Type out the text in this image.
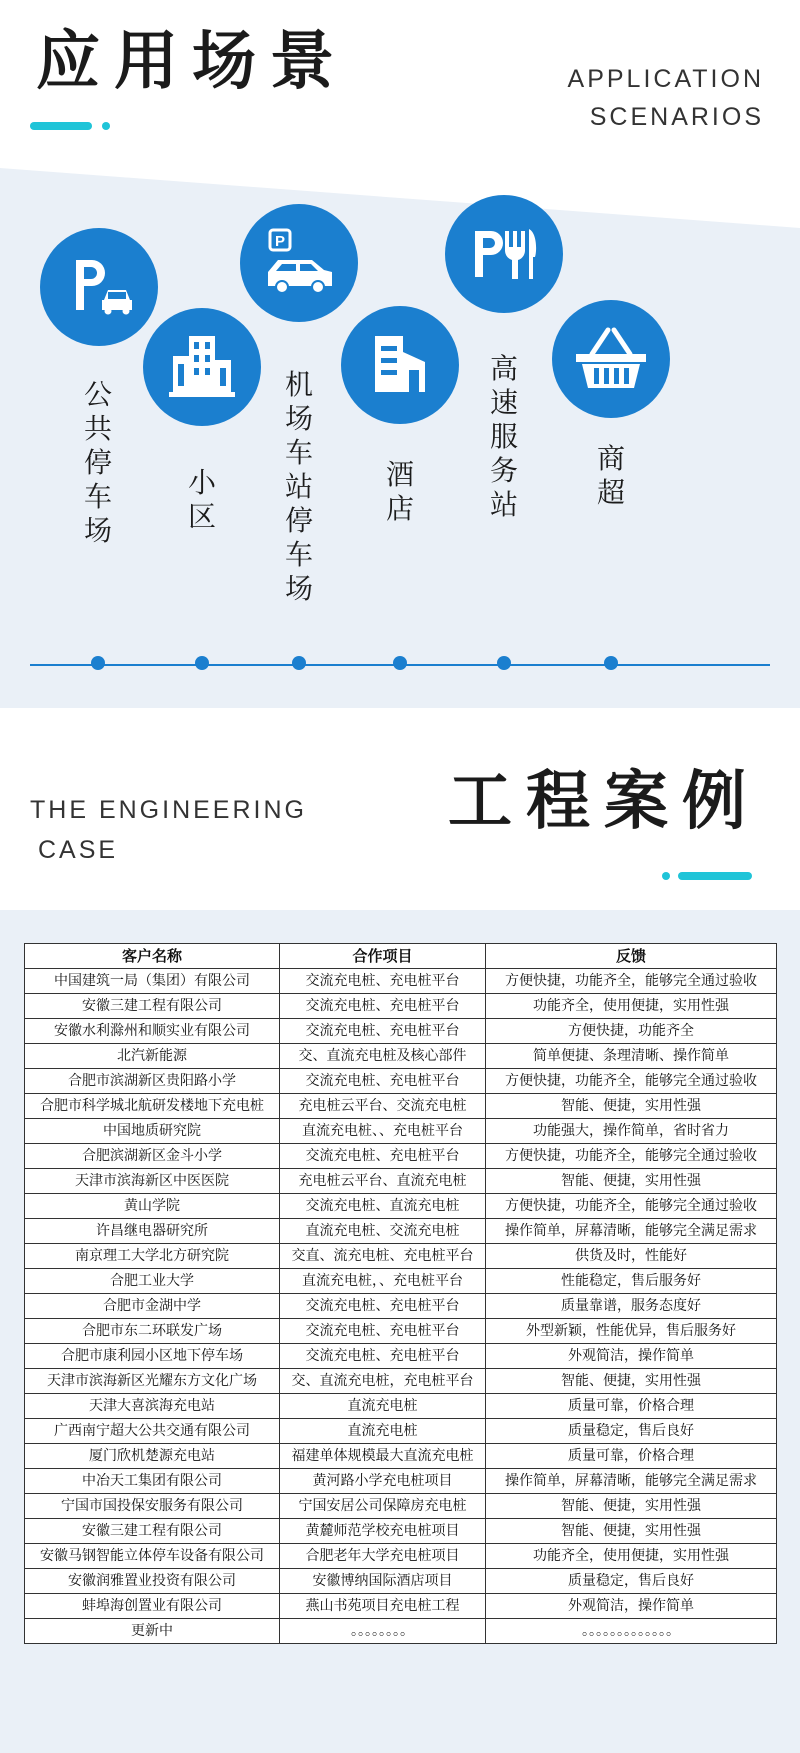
应用场景	APPLICATION
SCENARIOS
P
公共停车场
小区
机场车站停车场
酒店
高速服务站
商超
THE ENGINEERING
CASE
工程案例
客户名称	合作项目	反馈
中国建筑一局（集团）有限公司	交流充电桩、充电桩平台	方便快捷，功能齐全，能够完全通过验收
安徽三建工程有限公司	交流充电桩、充电桩平台	功能齐全，使用便捷，实用性强
安徽水利滁州和顺实业有限公司	交流充电桩、充电桩平台	方便快捷，功能齐全
北汽新能源	交、直流充电桩及核心部件	简单便捷、条理清晰、操作简单
合肥市滨湖新区贵阳路小学	交流充电桩、充电桩平台	方便快捷，功能齐全，能够完全通过验收
合肥市科学城北航研发楼地下充电桩	充电桩云平台、交流充电桩	智能、便捷，实用性强
中国地质研究院	直流充电桩、、充电桩平台	功能强大，操作简单，省时省力
合肥滨湖新区金斗小学	交流充电桩、充电桩平台	方便快捷，功能齐全，能够完全通过验收
天津市滨海新区中医医院	充电桩云平台、直流充电桩	智能、便捷，实用性强
黄山学院	交流充电桩、直流充电桩	方便快捷，功能齐全，能够完全通过验收
许昌继电器研究所	直流充电桩、交流充电桩	操作简单，屏幕清晰，能够完全满足需求
南京理工大学北方研究院	交直、流充电桩、充电桩平台	供货及时，性能好
合肥工业大学	直流充电桩，、充电桩平台	性能稳定，售后服务好
合肥市金湖中学	交流充电桩、充电桩平台	质量靠谱，服务态度好
合肥市东二环联发广场	交流充电桩、充电桩平台	外型新颖，性能优异，售后服务好
合肥市康利园小区地下停车场	交流充电桩、充电桩平台	外观简洁，操作简单
天津市滨海新区光耀东方文化广场	交、直流充电桩，充电桩平台	智能、便捷，实用性强
天津大喜滨海充电站	直流充电桩	质量可靠，价格合理
广西南宁超大公共交通有限公司	直流充电桩	质量稳定，售后良好
厦门欣机楚源充电站	福建单体规模最大直流充电桩	质量可靠，价格合理
中冶天工集团有限公司	黄河路小学充电桩项目	操作简单，屏幕清晰，能够完全满足需求
宁国市国投保安服务有限公司	宁国安居公司保障房充电桩	智能、便捷，实用性强
安徽三建工程有限公司	黄麓师范学校充电桩项目	智能、便捷，实用性强
安徽马钢智能立体停车设备有限公司	合肥老年大学充电桩项目	功能齐全，使用便捷，实用性强
安徽润雅置业投资有限公司	安徽博纳国际酒店项目	质量稳定，售后良好
蚌埠海创置业有限公司	燕山书苑项目充电桩工程	外观简洁，操作简单
更新中	。。。。。。。。	。。。。。。。。。。。。。
